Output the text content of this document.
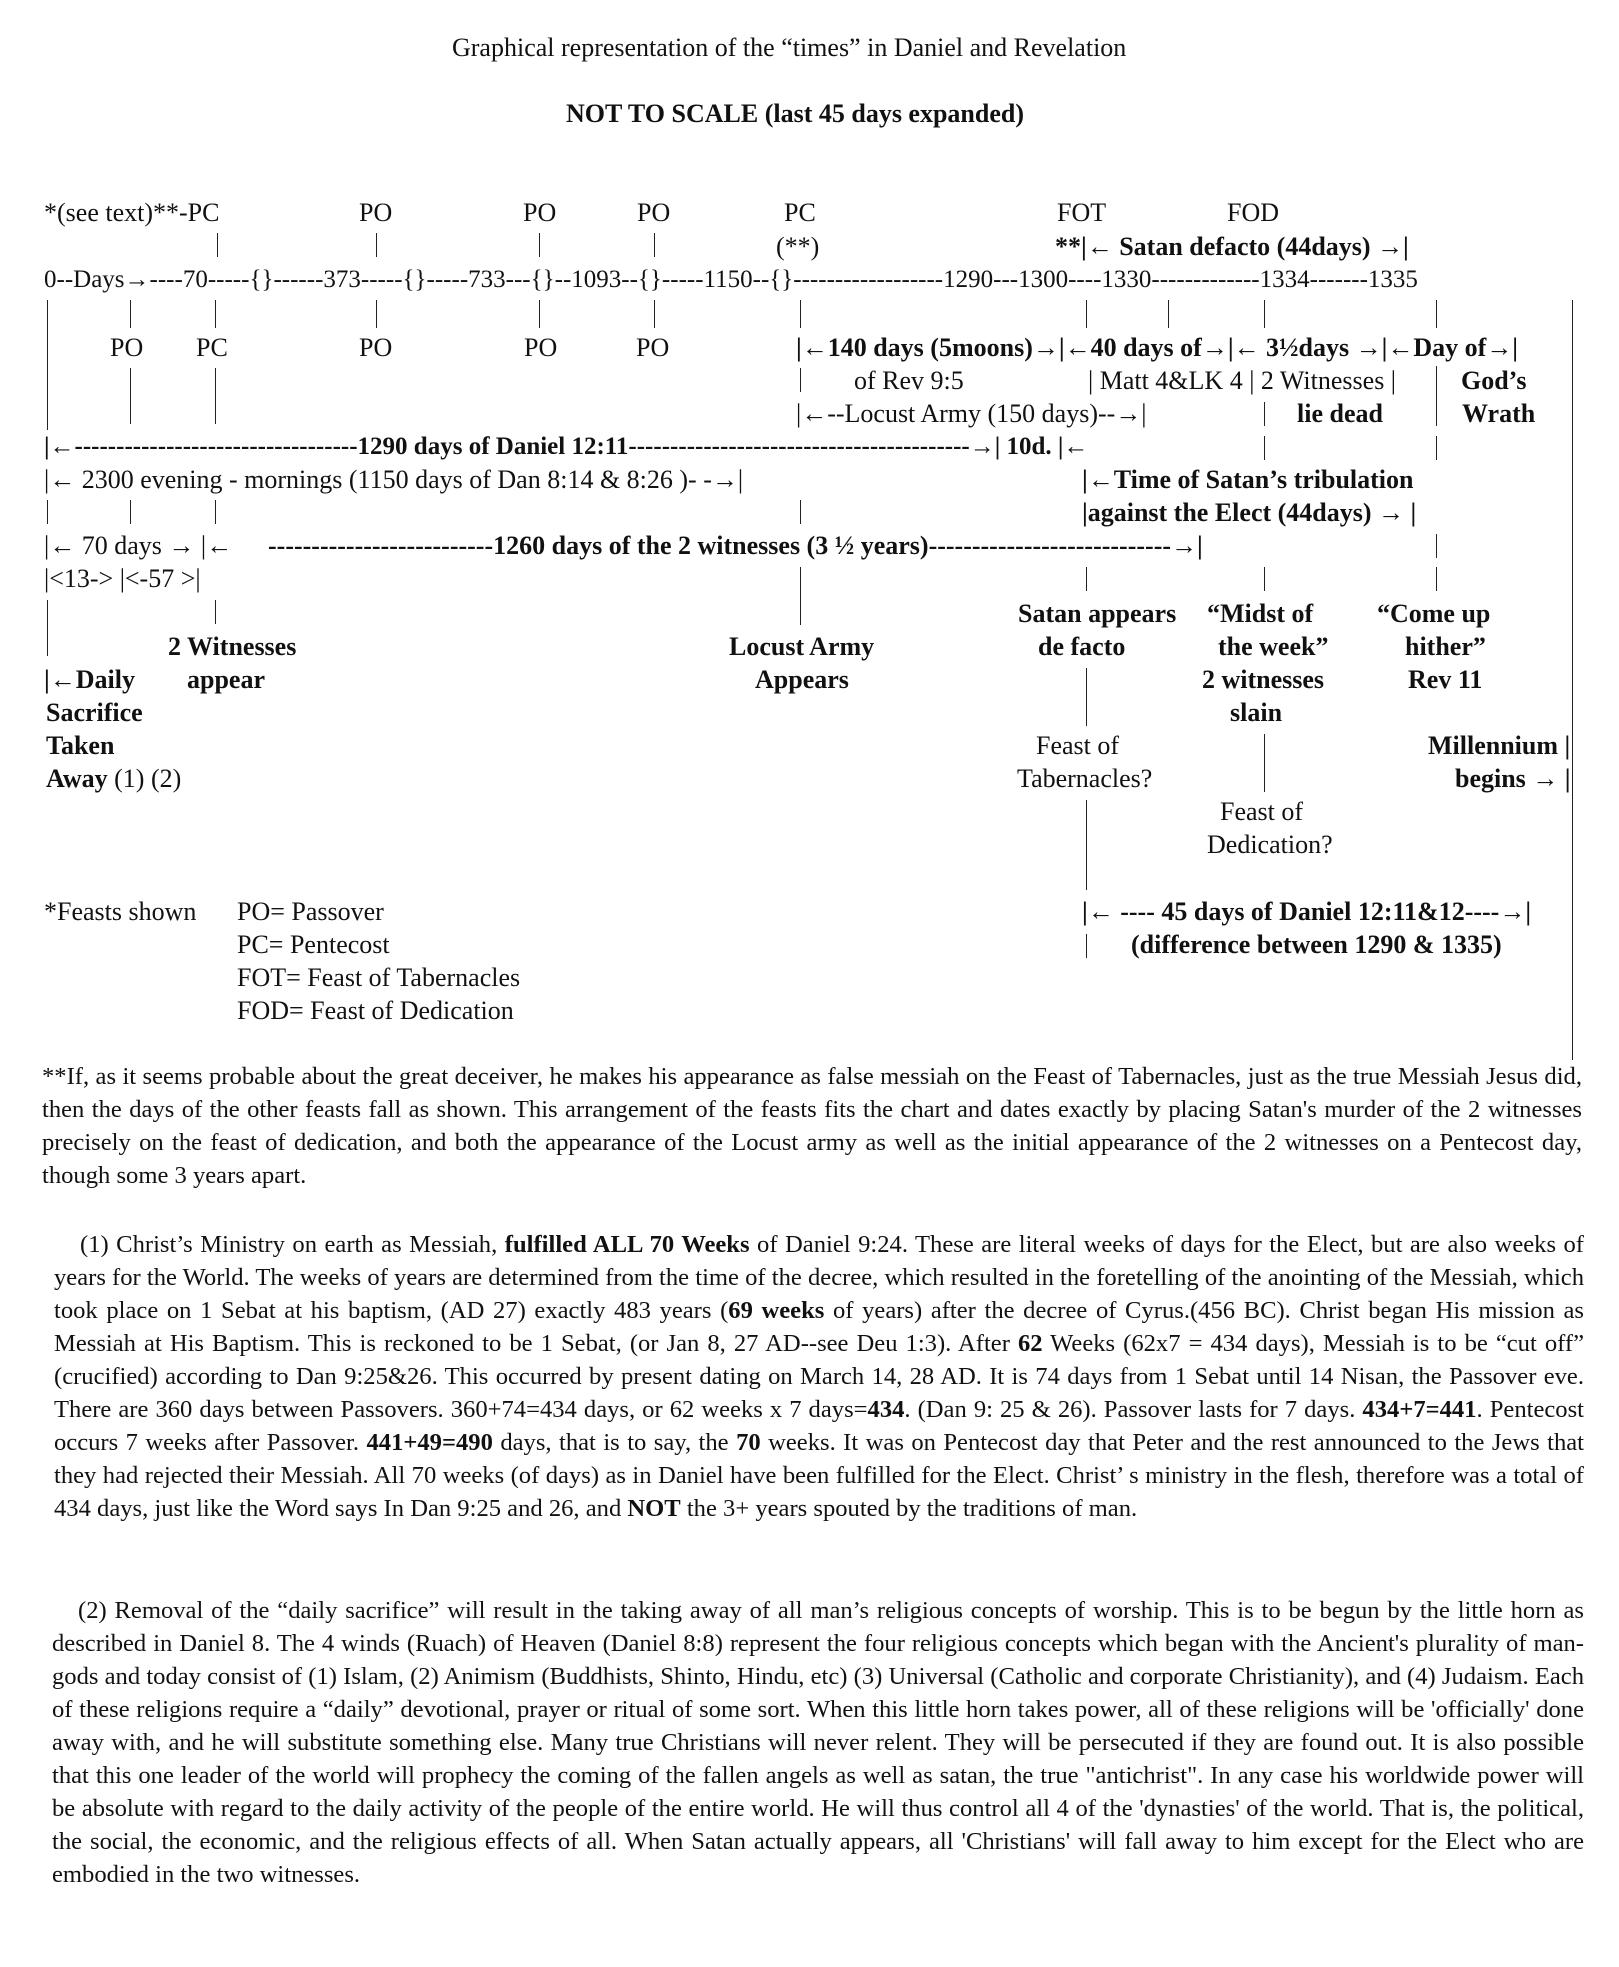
Graphical representation of the “times” in Daniel and Revelation
NOT TO SCALE (last 45 days expanded)
*(see text)**-PC	PO	PO	PO	PC	FOT	FOD
(**)	**|← Satan defacto (44days) →|
0--Days→----70-----{}------373-----{}-----733---{}--1093--{}-----1150--{}------------------1290---1300----1330-------------1334-------1335
PO PC	PO	PO	PO	|←140 days (5moons)→|←40 days of→|← 3½days →|←Day of→|
of Rev 9:5	| Matt 4&LK 4 | 2 Witnesses | God’s
|←--Locust Army (150 days)--→|	lie dead	Wrath
|←----------------------------------1290 days of Daniel 12:11-----------------------------------------→| 10d. |←
|← 2300 evening - mornings (1150 days of Dan 8:14 & 8:26 )- -→|	|←Time of Satan’s tribulation
|against the Elect (44days) → |
|← 70 days → |← --------------------------1260 days of the 2 witnesses (3 ½ years)----------------------------→|
|<13-> |<-57 >|
2 Witnesses
appear
|←Daily
Sacrifice
Taken
Away (1) (2)
Locust Army
Appears
Satan appears
de facto
“Midst of
the week”
2 witnesses
slain
“Come up
hither”
Rev 11
Feast of
Tabernacles?
Feast of
Dedication?
Millennium |
begins → |
*Feasts shown PO= Passover
PC= Pentecost
FOT= Feast of Tabernacles
FOD= Feast of Dedication
|← ---- 45 days of Daniel 12:11&12----→|
(difference between 1290 & 1335)

**If, as it seems probable about the great deceiver, he makes his appearance as false messiah on the Feast of Tabernacles, just as the true Messiah Jesus did, then the days of the other feasts fall as shown. This arrangement of the feasts fits the chart and dates exactly by placing Satan's murder of the 2 witnesses precisely on the feast of dedication, and both the appearance of the Locust army as well as the initial appearance of the 2 witnesses on a Pentecost day, though some 3 years apart.

(1) Christ’s Ministry on earth as Messiah, fulfilled ALL 70 Weeks of Daniel 9:24. These are literal weeks of days for the Elect, but are also weeks of years for the World. The weeks of years are determined from the time of the decree, which resulted in the foretelling of the anointing of the Messiah, which took place on 1 Sebat at his baptism, (AD 27) exactly 483 years (69 weeks of years) after the decree of Cyrus.(456 BC). Christ began His mission as Messiah at His Baptism. This is reckoned to be 1 Sebat, (or Jan 8, 27 AD--see Deu 1:3). After 62 Weeks (62x7 = 434 days), Messiah is to be “cut off” (crucified) according to Dan 9:25&26. This occurred by present dating on March 14, 28 AD. It is 74 days from 1 Sebat until 14 Nisan, the Passover eve. There are 360 days between Passovers. 360+74=434 days, or 62 weeks x 7 days=434. (Dan 9: 25 & 26). Passover lasts for 7 days. 434+7=441. Pentecost occurs 7 weeks after Passover. 441+49=490 days, that is to say, the 70 weeks. It was on Pentecost day that Peter and the rest announced to the Jews that they had rejected their Messiah. All 70 weeks (of days) as in Daniel have been fulfilled for the Elect. Christ’ s ministry in the flesh, therefore was a total of 434 days, just like the Word says In Dan 9:25 and 26, and NOT the 3+ years spouted by the traditions of man.

(2) Removal of the “daily sacrifice” will result in the taking away of all man’s religious concepts of worship. This is to be begun by the little horn as described in Daniel 8. The 4 winds (Ruach) of Heaven (Daniel 8:8) represent the four religious concepts which began with the Ancient's plurality of man-gods and today consist of (1) Islam, (2) Animism (Buddhists, Shinto, Hindu, etc) (3) Universal (Catholic and corporate Christianity), and (4) Judaism. Each of these religions require a “daily” devotional, prayer or ritual of some sort. When this little horn takes power, all of these religions will be 'officially' done away with, and he will substitute something else. Many true Christians will never relent. They will be persecuted if they are found out. It is also possible that this one leader of the world will prophecy the coming of the fallen angels as well as satan, the true "antichrist". In any case his worldwide power will be absolute with regard to the daily activity of the people of the entire world. He will thus control all 4 of the 'dynasties' of the world. That is, the political, the social, the economic, and the religious effects of all. When Satan actually appears, all 'Christians' will fall away to him except for the Elect who are embodied in the two witnesses.
